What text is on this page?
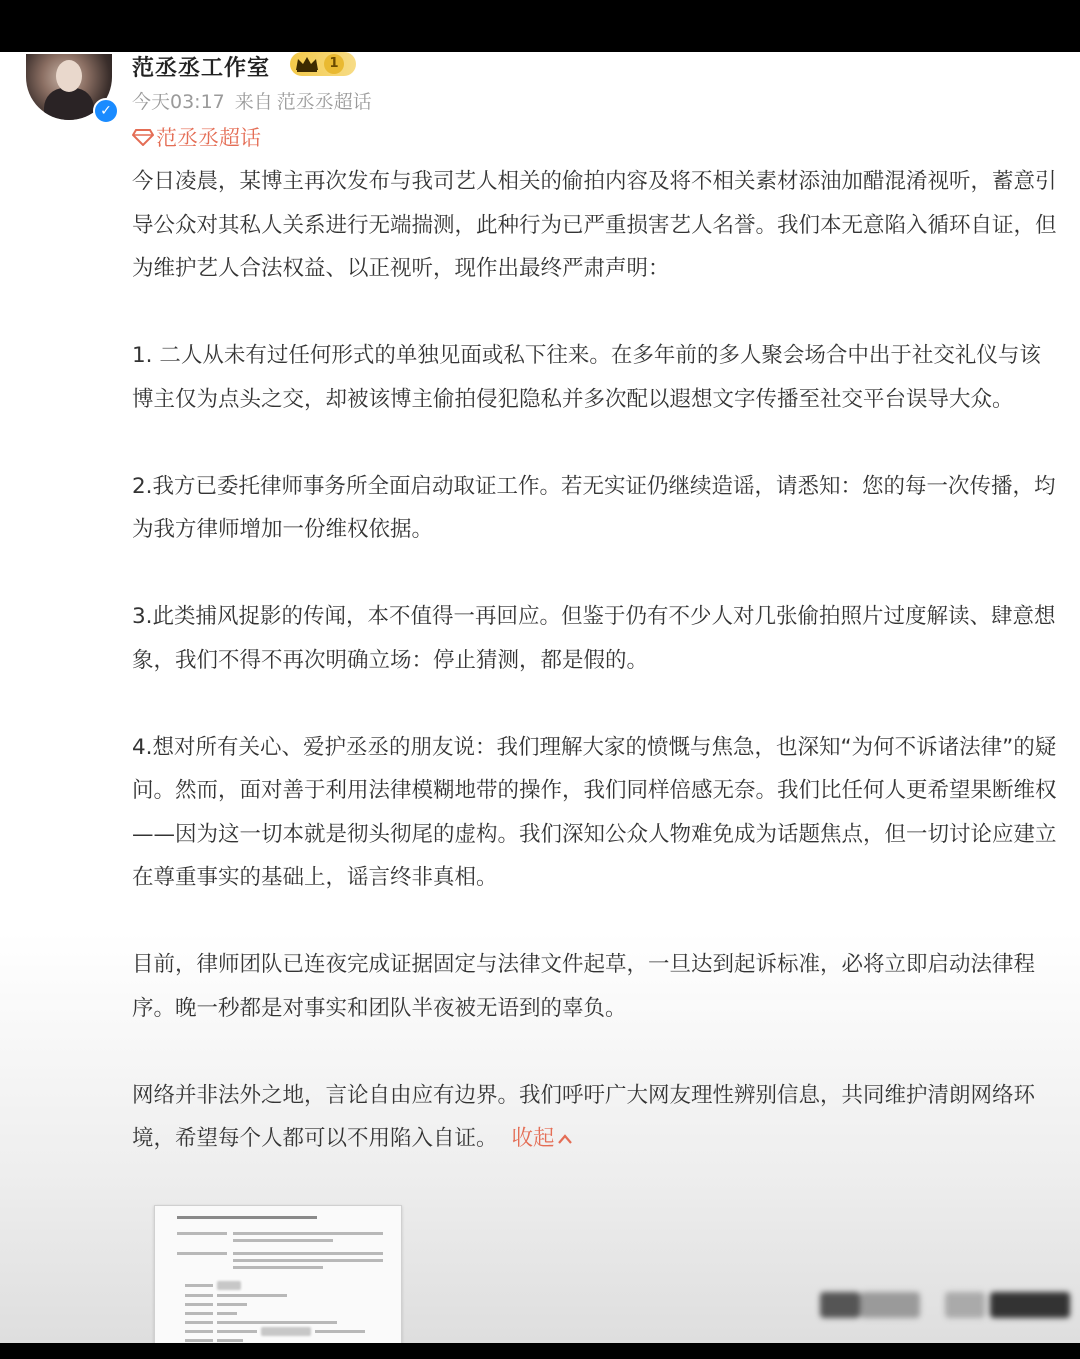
✓
范丞丞工作室	1
今天03:17 来自 范丞丞超话
范丞丞超话

今日凌晨，某博主再次发布与我司艺人相关的偷拍内容及将不相关素材添油加醋混淆视听，蓄意引导公众对其私人关系进行无端揣测，此种行为已严重损害艺人名誉。我们本无意陷入循环自证，但为维护艺人合法权益、以正视听，现作出最终严肃声明：

1. 二人从未有过任何形式的单独见面或私下往来。在多年前的多人聚会场合中出于社交礼仪与该博主仅为点头之交，却被该博主偷拍侵犯隐私并多次配以遐想文字传播至社交平台误导大众。

2.我方已委托律师事务所全面启动取证工作。若无实证仍继续造谣，请悉知：您的每一次传播，均为我方律师增加一份维权依据。

3.此类捕风捉影的传闻，本不值得一再回应。但鉴于仍有不少人对几张偷拍照片过度解读、肆意想象，我们不得不再次明确立场：停止猜测，都是假的。

4.想对所有关心、爱护丞丞的朋友说：我们理解大家的愤慨与焦急，也深知“为何不诉诸法律”的疑问。然而，面对善于利用法律模糊地带的操作，我们同样倍感无奈。我们比任何人更希望果断维权——因为这一切本就是彻头彻尾的虚构。我们深知公众人物难免成为话题焦点，但一切讨论应建立在尊重事实的基础上，谣言终非真相。

目前，律师团队已连夜完成证据固定与法律文件起草，一旦达到起诉标准，必将立即启动法律程序。晚一秒都是对事实和团队半夜被无语到的辜负。

网络并非法外之地，言论自由应有边界。我们呼吁广大网友理性辨别信息，共同维护清朗网络环境，希望每个人都可以不用陷入自证。 收起
